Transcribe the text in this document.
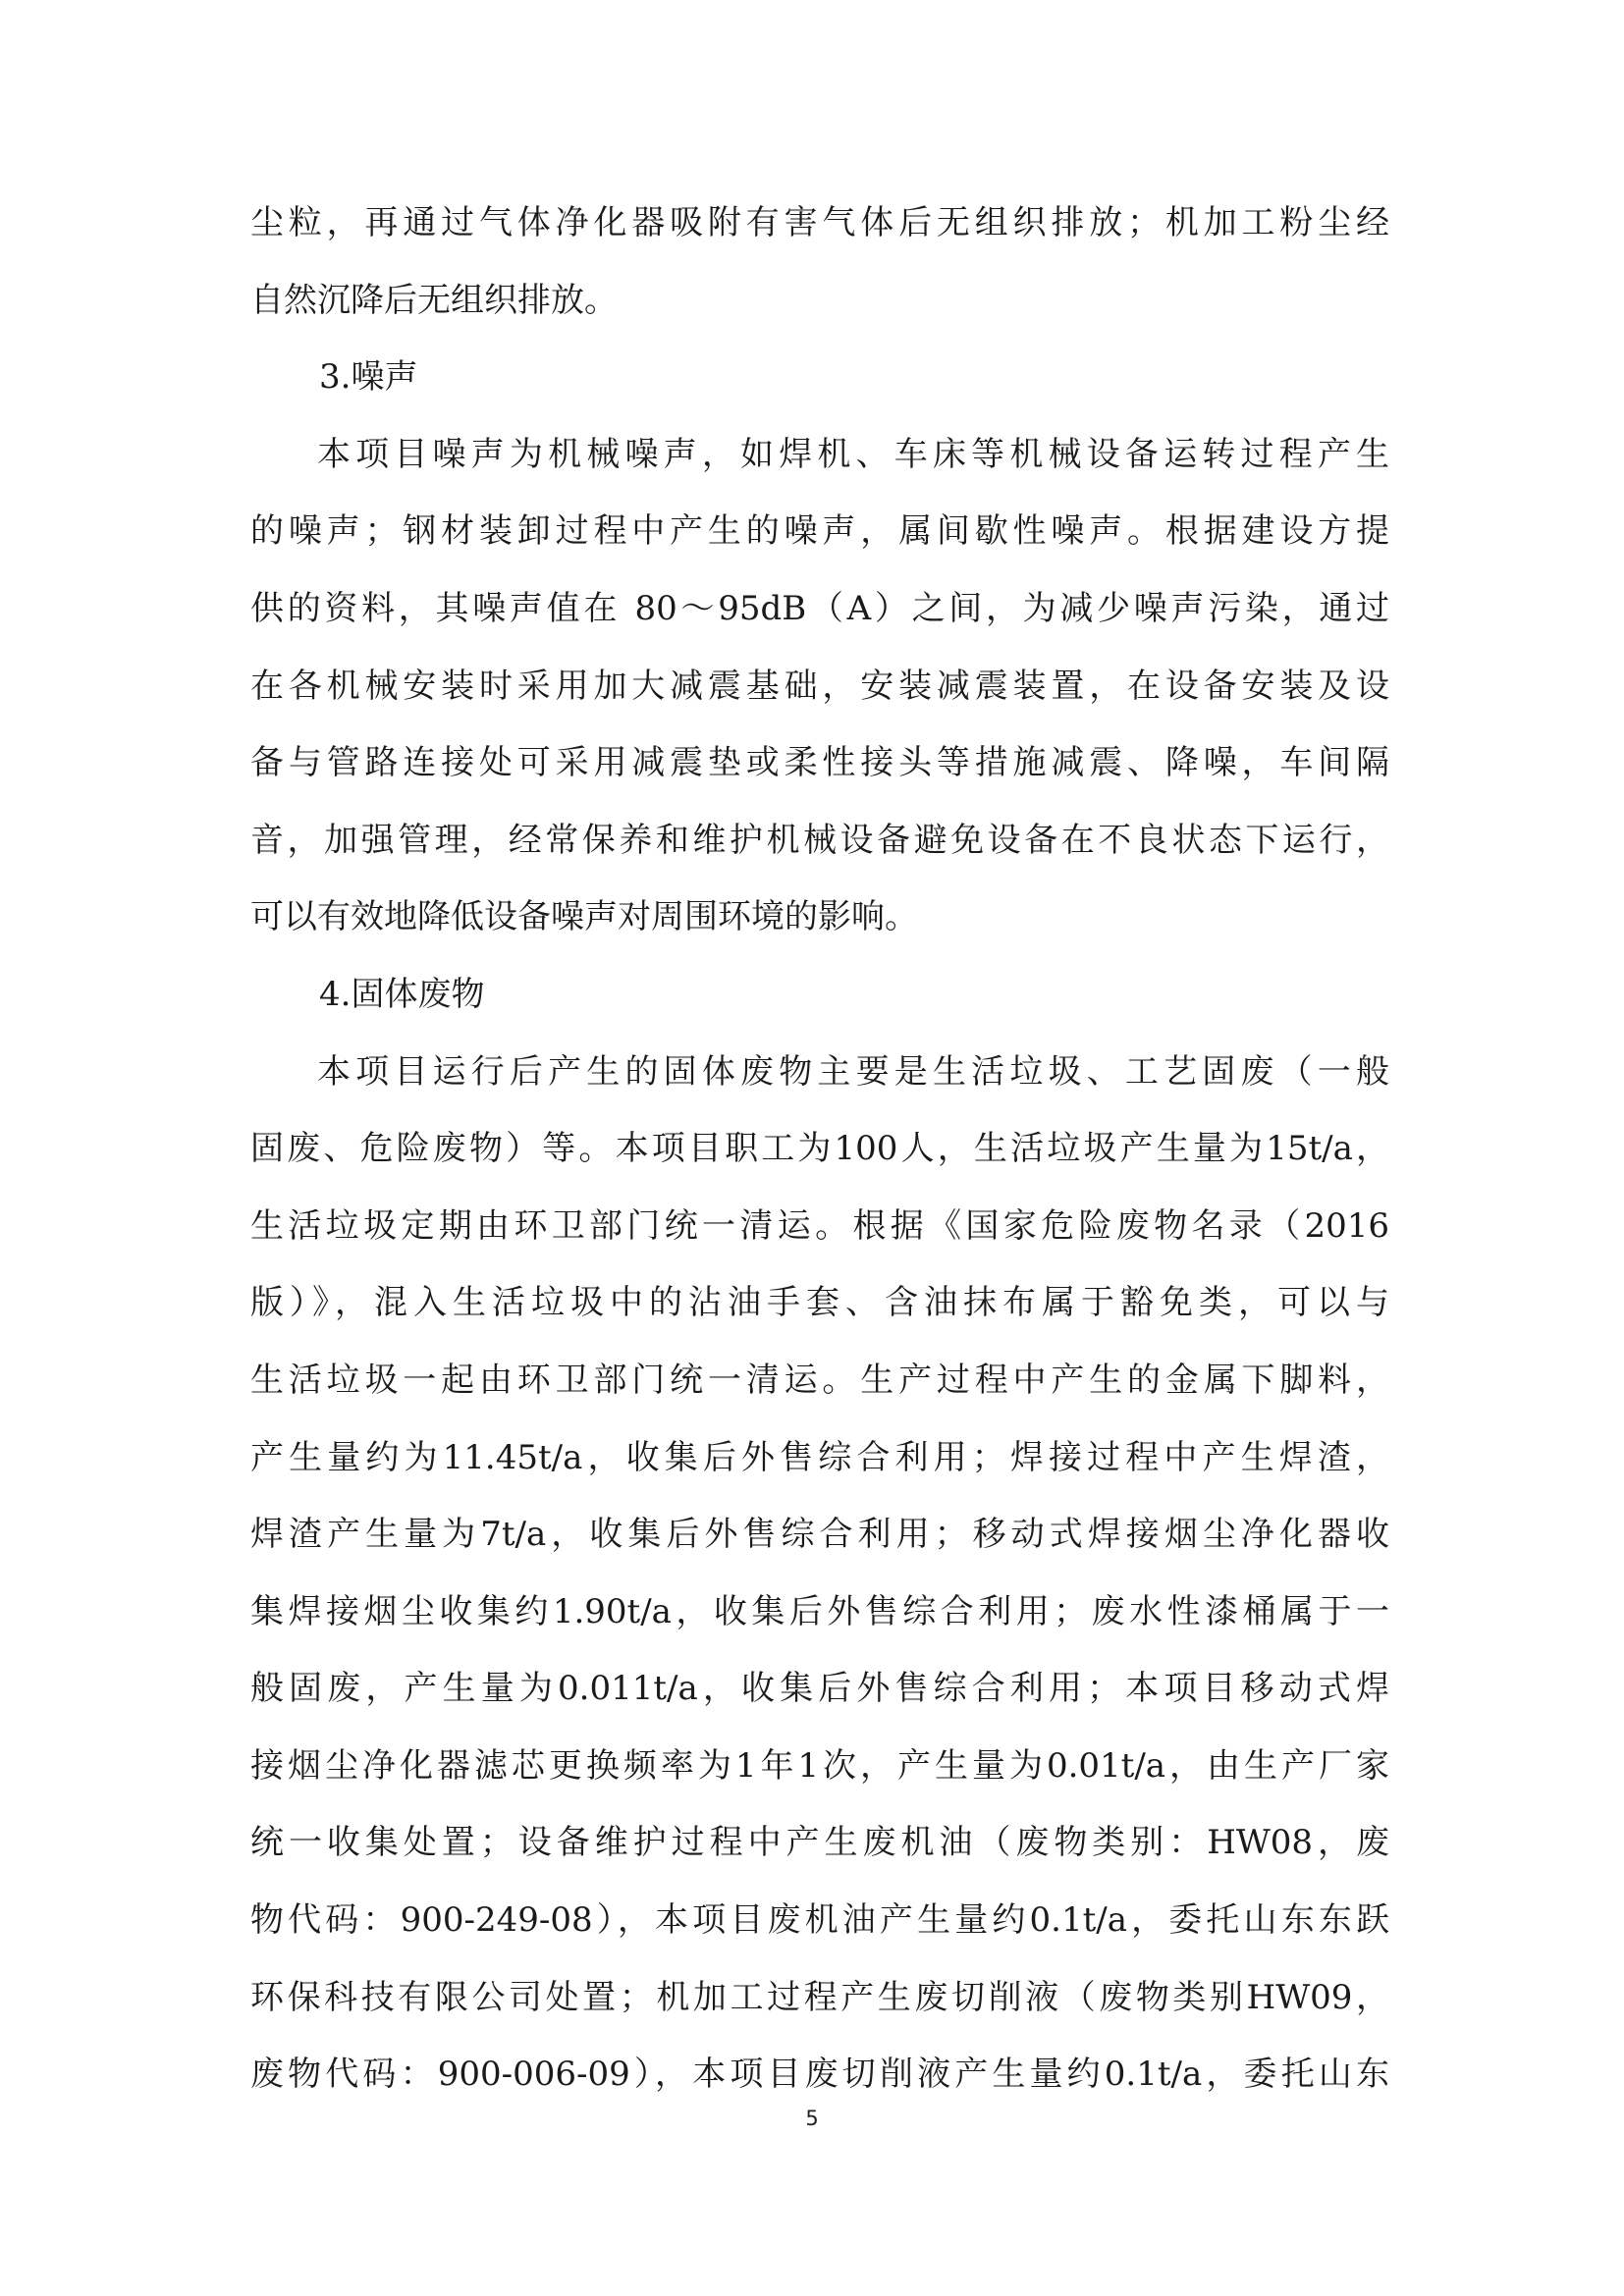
尘粒，再通过气体净化器吸附有害气体后无组织排放；机加工粉尘经
自然沉降后无组织排放。
3.噪声
本项目噪声为机械噪声，如焊机、车床等机械设备运转过程产生
的噪声；钢材装卸过程中产生的噪声，属间歇性噪声。根据建设方提
供的资料，其噪声值在 80～95dB（A）之间，为减少噪声污染，通过
在各机械安装时采用加大减震基础，安装减震装置，在设备安装及设
备与管路连接处可采用减震垫或柔性接头等措施减震、降噪，车间隔
音，加强管理，经常保养和维护机械设备避免设备在不良状态下运行，
可以有效地降低设备噪声对周围环境的影响。
4.固体废物
本项目运行后产生的固体废物主要是生活垃圾、工艺固废（一般
固废、危险废物）等。本项目职工为100人，生活垃圾产生量为15t/a，
生活垃圾定期由环卫部门统一清运。根据《国家危险废物名录（2016
版）》，混入生活垃圾中的沾油手套、含油抹布属于豁免类，可以与
生活垃圾一起由环卫部门统一清运。生产过程中产生的金属下脚料，
产生量约为11.45t/a，收集后外售综合利用；焊接过程中产生焊渣，
焊渣产生量为7t/a，收集后外售综合利用；移动式焊接烟尘净化器收
集焊接烟尘收集约1.90t/a，收集后外售综合利用；废水性漆桶属于一
般固废，产生量为0.011t/a，收集后外售综合利用；本项目移动式焊
接烟尘净化器滤芯更换频率为1年1次，产生量为0.01t/a，由生产厂家
统一收集处置；设备维护过程中产生废机油（废物类别：HW08，废
物代码：900-249-08），本项目废机油产生量约0.1t/a，委托山东东跃
环保科技有限公司处置；机加工过程产生废切削液（废物类别HW09，
废物代码：900-006-09），本项目废切削液产生量约0.1t/a，委托山东
5
